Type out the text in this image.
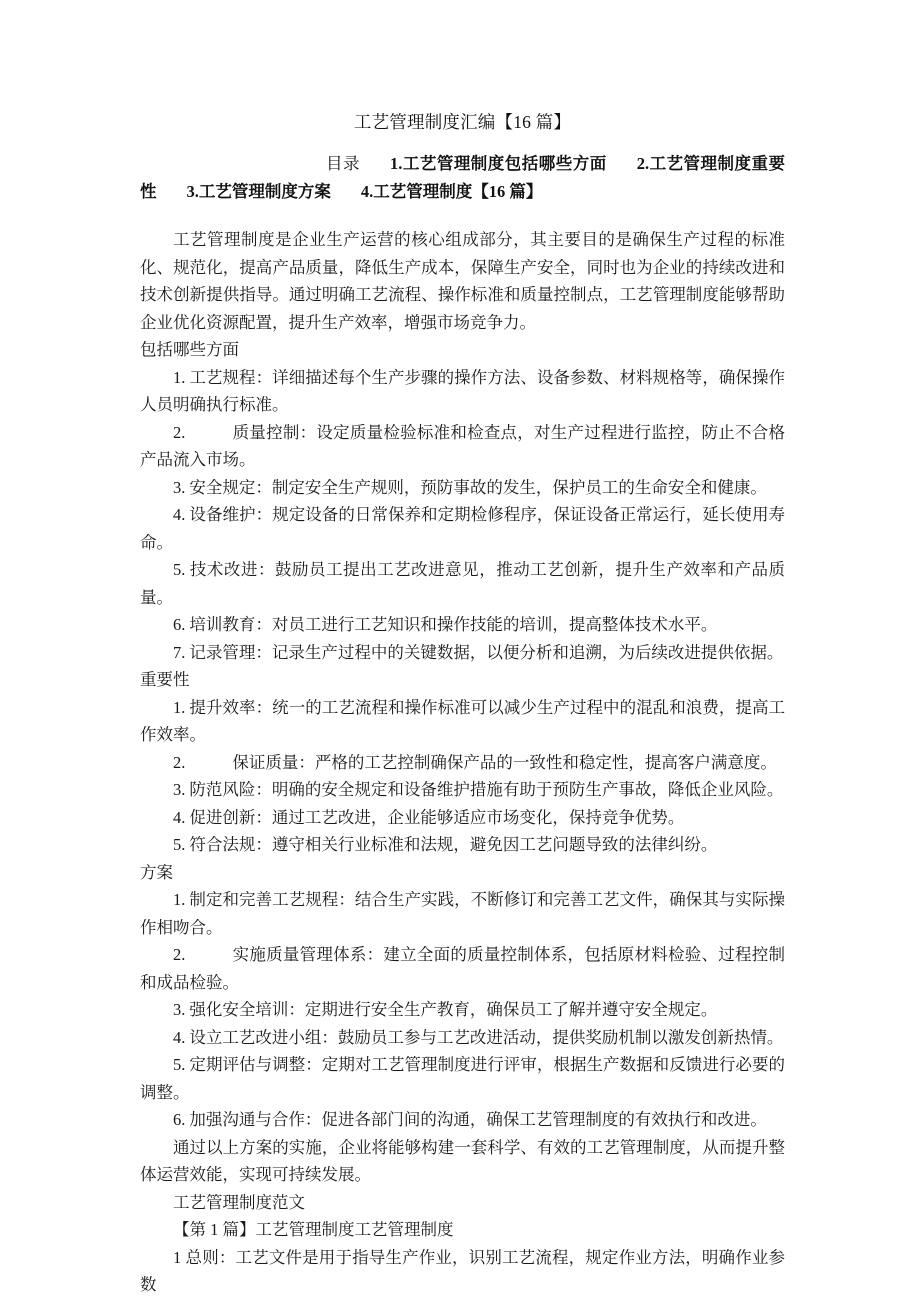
工艺管理制度汇编【16 篇】

目录 1.工艺管理制度包括哪些方面 2.工艺管理制度重要性 3.工艺管理制度方案 4.工艺管理制度【16 篇】

工艺管理制度是企业生产运营的核心组成部分，其主要目的是确保生产过程的标准化、规范化，提高产品质量，降低生产成本，保障生产安全，同时也为企业的持续改进和技术创新提供指导。通过明确工艺流程、操作标准和质量控制点，工艺管理制度能够帮助企业优化资源配置，提升生产效率，增强市场竞争力。

包括哪些方面

1. 工艺规程：详细描述每个生产步骤的操作方法、设备参数、材料规格等，确保操作人员明确执行标准。

2.	质量控制：设定质量检验标准和检查点，对生产过程进行监控，防止不合格产品流入市场。

3. 安全规定：制定安全生产规则，预防事故的发生，保护员工的生命安全和健康。

4. 设备维护：规定设备的日常保养和定期检修程序，保证设备正常运行，延长使用寿命。

5. 技术改进：鼓励员工提出工艺改进意见，推动工艺创新，提升生产效率和产品质量。

6. 培训教育：对员工进行工艺知识和操作技能的培训，提高整体技术水平。

7. 记录管理：记录生产过程中的关键数据，以便分析和追溯，为后续改进提供依据。

重要性

1. 提升效率：统一的工艺流程和操作标准可以减少生产过程中的混乱和浪费，提高工作效率。

2.	保证质量：严格的工艺控制确保产品的一致性和稳定性，提高客户满意度。

3. 防范风险：明确的安全规定和设备维护措施有助于预防生产事故，降低企业风险。

4. 促进创新：通过工艺改进，企业能够适应市场变化，保持竞争优势。

5. 符合法规：遵守相关行业标准和法规，避免因工艺问题导致的法律纠纷。

方案

1. 制定和完善工艺规程：结合生产实践，不断修订和完善工艺文件，确保其与实际操作相吻合。

2.	实施质量管理体系：建立全面的质量控制体系，包括原材料检验、过程控制和成品检验。

3. 强化安全培训：定期进行安全生产教育，确保员工了解并遵守安全规定。

4. 设立工艺改进小组：鼓励员工参与工艺改进活动，提供奖励机制以激发创新热情。

5. 定期评估与调整：定期对工艺管理制度进行评审，根据生产数据和反馈进行必要的调整。

6. 加强沟通与合作：促进各部门间的沟通，确保工艺管理制度的有效执行和改进。

通过以上方案的实施，企业将能够构建一套科学、有效的工艺管理制度，从而提升整体运营效能，实现可持续发展。

工艺管理制度范文

【第 1 篇】工艺管理制度工艺管理制度

1 总则：工艺文件是用于指导生产作业，识别工艺流程，规定作业方法，明确作业参数
